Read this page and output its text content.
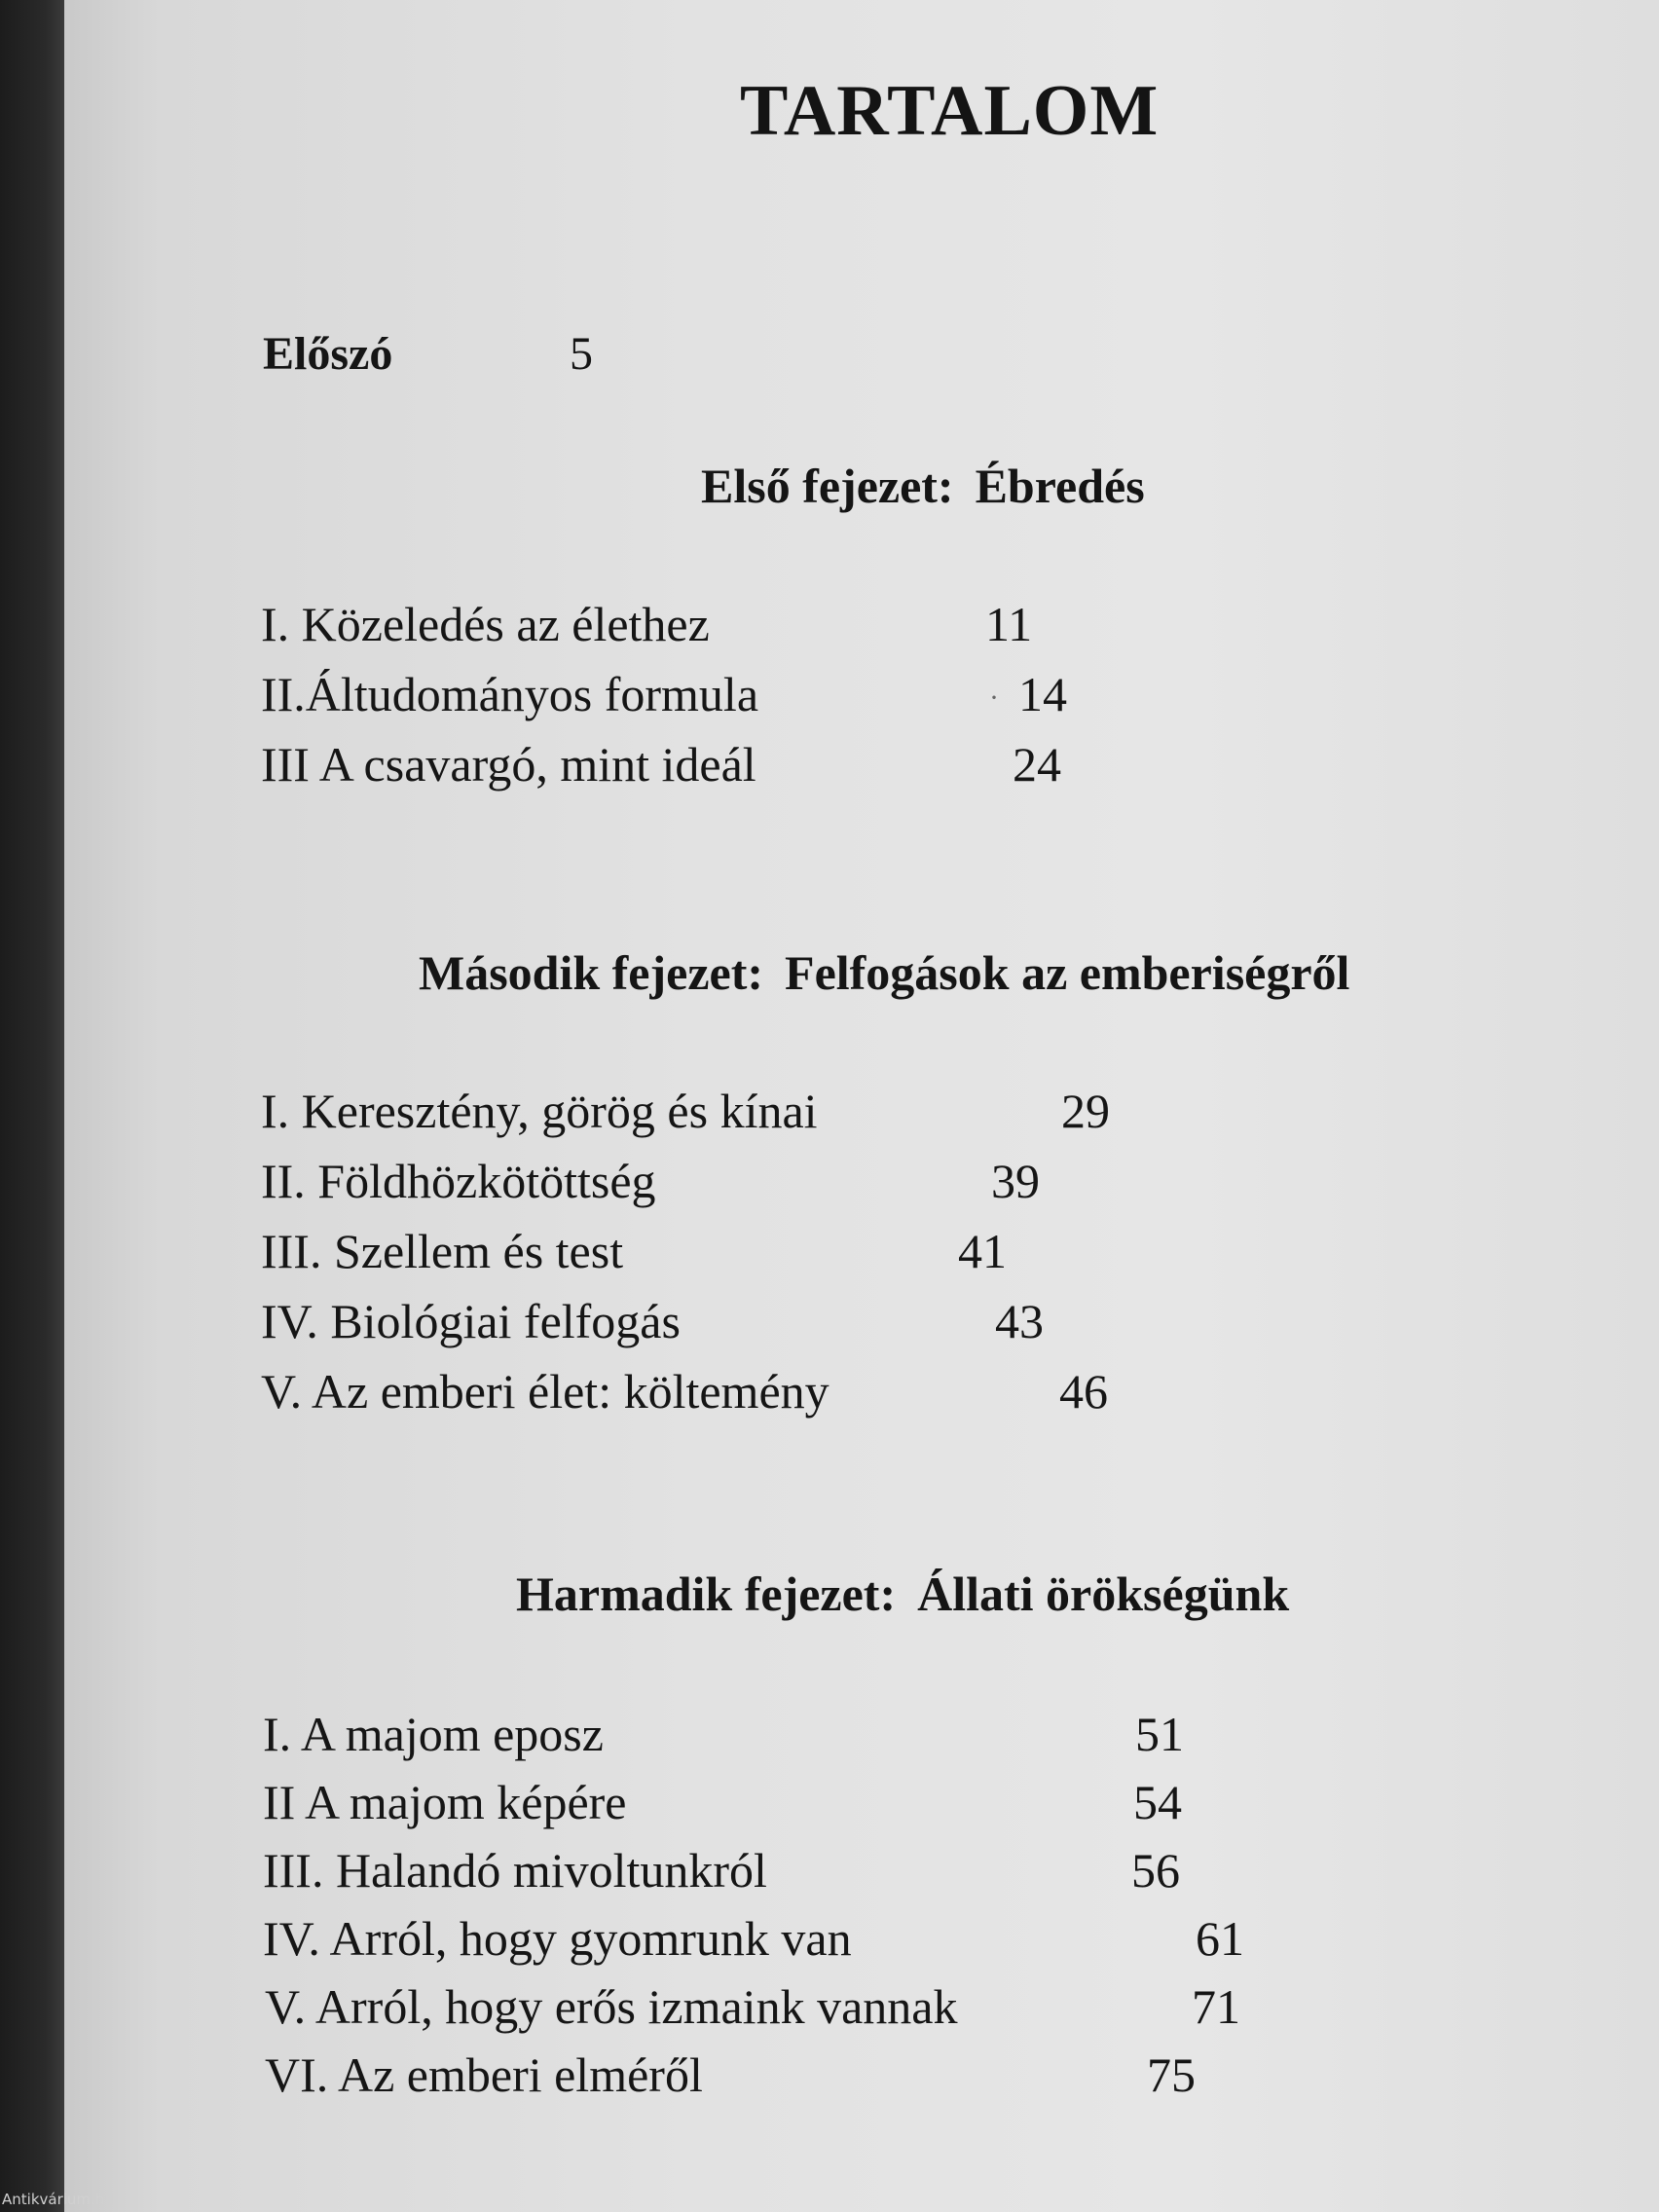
TARTALOM
Előszó	5
Első fejezet: Ébredés
I. Közeledés az élethez	11
II.Áltudományos formula	· 14
III A csavargó, mint ideál	24
Második fejezet: Felfogások az emberiségről
I. Keresztény, görög és kínai	29
II. Földhözkötöttség	39
III. Szellem és test	41
IV. Biológiai felfogás	43
V. Az emberi élet: költemény	46
Harmadik fejezet: Állati örökségünk
I. A majom eposz	51
II A majom képére	54
III. Halandó mivoltunkról	56
IV. Arról, hogy gyomrunk van	61
V. Arról, hogy erős izmaink vannak	71
VI. Az emberi elméről	75
Antikvárium.hu
